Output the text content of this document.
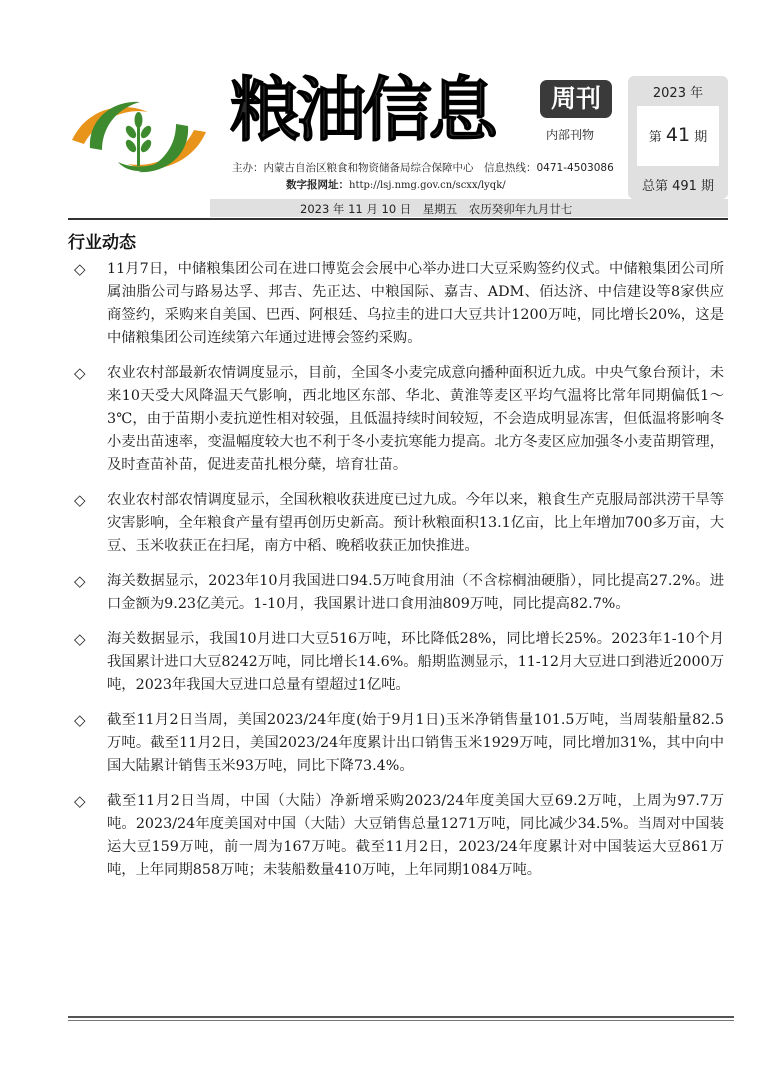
粮油信息	周刊
内部刊物
主办：内蒙古自治区粮食和物资储备局综合保障中心　信息热线：0471-4503086
数字报网址：http://lsj.nmg.gov.cn/scxx/lyqk/
2023 年
第 41 期
总第 491 期
2023 年 11 月 10 日　星期五　农历癸卯年九月廿七
行业动态
◇ 11月7日，中储粮集团公司在进口博览会会展中心举办进口大豆采购签约仪式。中储粮集团公司所属油脂公司与路易达孚、邦吉、先正达、中粮国际、嘉吉、ADM、佰达济、中信建设等8家供应商签约，采购来自美国、巴西、阿根廷、乌拉圭的进口大豆共计1200万吨，同比增长20%，这是中储粮集团公司连续第六年通过进博会签约采购。
◇ 农业农村部最新农情调度显示，目前，全国冬小麦完成意向播种面积近九成。中央气象台预计，未来10天受大风降温天气影响，西北地区东部、华北、黄淮等麦区平均气温将比常年同期偏低1～3℃，由于苗期小麦抗逆性相对较强，且低温持续时间较短，不会造成明显冻害，但低温将影响冬小麦出苗速率，变温幅度较大也不利于冬小麦抗寒能力提高。北方冬麦区应加强冬小麦苗期管理，及时查苗补苗，促进麦苗扎根分蘖，培育壮苗。
◇ 农业农村部农情调度显示，全国秋粮收获进度已过九成。今年以来，粮食生产克服局部洪涝干旱等灾害影响，全年粮食产量有望再创历史新高。预计秋粮面积13.1亿亩，比上年增加700多万亩，大豆、玉米收获正在扫尾，南方中稻、晚稻收获正加快推进。
◇ 海关数据显示，2023年10月我国进口94.5万吨食用油（不含棕榈油硬脂），同比提高27.2%。进口金额为9.23亿美元。1-10月，我国累计进口食用油809万吨，同比提高82.7%。
◇ 海关数据显示，我国10月进口大豆516万吨，环比降低28%，同比增长25%。2023年1-10个月我国累计进口大豆8242万吨，同比增长14.6%。船期监测显示，11-12月大豆进口到港近2000万吨，2023年我国大豆进口总量有望超过1亿吨。
◇ 截至11月2日当周，美国2023/24年度(始于9月1日)玉米净销售量101.5万吨，当周装船量82.5万吨。截至11月2日，美国2023/24年度累计出口销售玉米1929万吨，同比增加31%，其中向中国大陆累计销售玉米93万吨，同比下降73.4%。
◇ 截至11月2日当周，中国（大陆）净新增采购2023/24年度美国大豆69.2万吨，上周为97.7万吨。2023/24年度美国对中国（大陆）大豆销售总量1271万吨，同比减少34.5%。当周对中国装运大豆159万吨，前一周为167万吨。截至11月2日，2023/24年度累计对中国装运大豆861万吨，上年同期858万吨；未装船数量410万吨，上年同期1084万吨。
